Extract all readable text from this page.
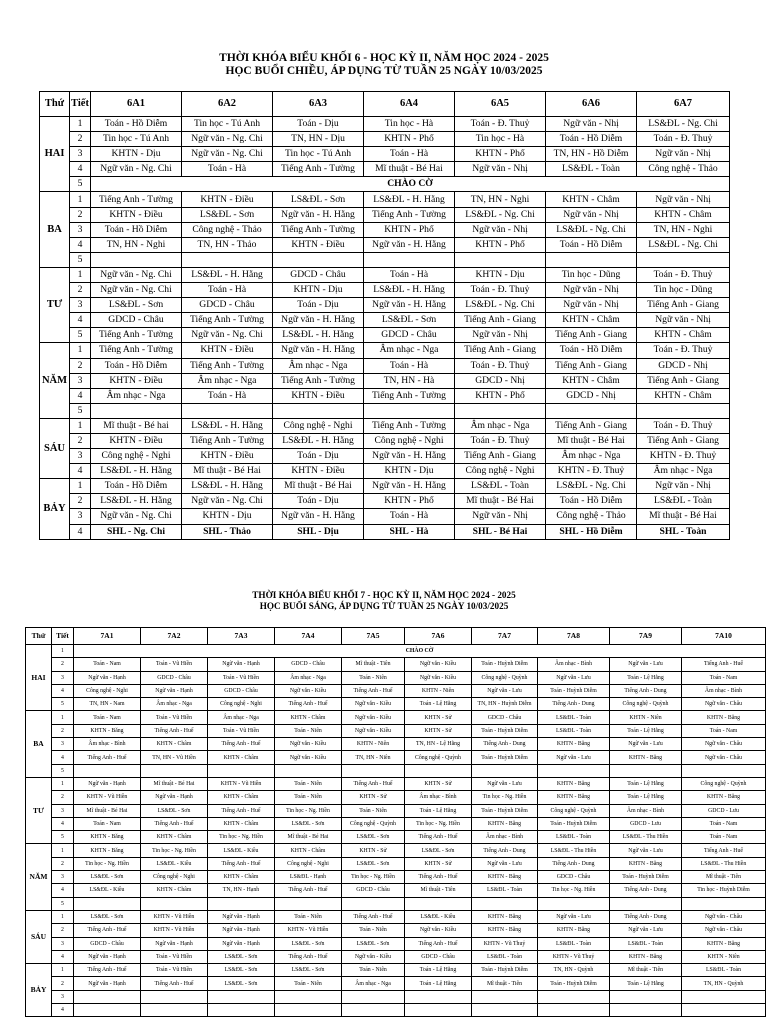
THỜI KHÓA BIỂU KHỐI 6 - HỌC KỲ II, NĂM HỌC 2024 - 2025
HỌC BUỔI CHIỀU, ÁP DỤNG TỪ TUẦN 25 NGÀY 10/03/2025
Thứ	Tiết	6A1	6A2	6A3	6A4	6A5	6A6	6A7
HAI	1	Toán - Hồ Diễm	Tin học - Tú Anh	Toán - Dịu	Tin học - Hà	Toán - Đ. Thuỷ	Ngữ văn - Nhị	LS&ĐL - Ng. Chi
	2	Tin học - Tú Anh	Ngữ văn - Ng. Chi	TN, HN - Dịu	KHTN - Phố	Tin học - Hà	Toán - Hồ Diễm	Toán - Đ. Thuỷ
	3	KHTN - Dịu	Ngữ văn - Ng. Chi	Tin học - Tú Anh	Toán - Hà	KHTN - Phố	TN, HN - Hồ Diễm	Ngữ văn - Nhị
	4	Ngữ văn - Ng. Chi	Toán - Hà	Tiếng Anh - Tường	Mĩ thuật - Bé Hai	Ngữ văn - Nhị	LS&ĐL - Toàn	Công nghệ - Thảo
	5	CHÀO CỜ						
BA	1	Tiếng Anh - Tường	KHTN - Điều	LS&ĐL - Sơn	LS&ĐL - H. Hằng	TN, HN - Nghi	KHTN - Châm	Ngữ văn - Nhị
	2	KHTN - Điều	LS&ĐL - Sơn	Ngữ văn - H. Hằng	Tiếng Anh - Tường	LS&ĐL - Ng. Chi	Ngữ văn - Nhị	KHTN - Châm
	3	Toán - Hồ Diễm	Công nghệ - Thảo	Tiếng Anh - Tường	KHTN - Phố	Ngữ văn - Nhị	LS&ĐL - Ng. Chi	TN, HN - Nghi
	4	TN, HN - Nghi	TN, HN - Thảo	KHTN - Điều	Ngữ văn - H. Hằng	KHTN - Phố	Toán - Hồ Diễm	LS&ĐL - Ng. Chi
	5							
TƯ	1	Ngữ văn - Ng. Chi	LS&ĐL - H. Hằng	GDCD - Châu	Toán - Hà	KHTN - Dịu	Tin học - Dũng	Toán - Đ. Thuỷ
	2	Ngữ văn - Ng. Chi	Toán - Hà	KHTN - Dịu	LS&ĐL - H. Hằng	Toán - Đ. Thuỷ	Ngữ văn - Nhị	Tin học - Dũng
	3	LS&ĐL - Sơn	GDCD - Châu	Toán - Dịu	Ngữ văn - H. Hằng	LS&ĐL - Ng. Chi	Ngữ văn - Nhị	Tiếng Anh - Giang
	4	GDCD - Châu	Tiếng Anh - Tường	Ngữ văn - H. Hằng	LS&ĐL - Sơn	Tiếng Anh - Giang	KHTN - Châm	Ngữ văn - Nhị
	5	Tiếng Anh - Tường	Ngữ văn - Ng. Chi	LS&ĐL - H. Hằng	GDCD - Châu	Ngữ văn - Nhị	Tiếng Anh - Giang	KHTN - Châm
NĂM	1	Tiếng Anh - Tường	KHTN - Điều	Ngữ văn - H. Hằng	Âm nhạc - Nga	Tiếng Anh - Giang	Toán - Hồ Diễm	Toán - Đ. Thuỷ
	2	Toán - Hồ Diễm	Tiếng Anh - Tường	Âm nhạc - Nga	Toán - Hà	Toán - Đ. Thuỷ	Tiếng Anh - Giang	GDCD - Nhị
	3	KHTN - Điều	Âm nhạc - Nga	Tiếng Anh - Tường	TN, HN - Hà	GDCD - Nhị	KHTN - Châm	Tiếng Anh - Giang
	4	Âm nhạc - Nga	Toán - Hà	KHTN - Điều	Tiếng Anh - Tường	KHTN - Phố	GDCD - Nhị	KHTN - Châm
	5							
SÁU	1	Mĩ thuật - Bé hai	LS&ĐL - H. Hằng	Công nghệ - Nghi	Tiếng Anh - Tường	Âm nhạc - Nga	Tiếng Anh - Giang	Toán - Đ. Thuỷ
	2	KHTN - Điều	Tiếng Anh - Tường	LS&ĐL - H. Hằng	Công nghệ - Nghi	Toán - Đ. Thuỷ	Mĩ thuật - Bé Hai	Tiếng Anh - Giang
	3	Công nghệ - Nghi	KHTN - Điều	Toán - Dịu	Ngữ văn - H. Hằng	Tiếng Anh - Giang	Âm nhạc - Nga	KHTN - Đ. Thuỷ
	4	LS&ĐL - H. Hằng	Mĩ thuật - Bé Hai	KHTN - Điều	KHTN - Dịu	Công nghệ - Nghi	KHTN - Đ. Thuỷ	Âm nhạc - Nga
BẢY	1	Toán - Hồ Diễm	LS&ĐL - H. Hằng	Mĩ thuật - Bé Hai	Ngữ văn - H. Hằng	LS&ĐL - Toàn	LS&ĐL - Ng. Chi	Ngữ văn - Nhị
	2	LS&ĐL - H. Hằng	Ngữ văn - Ng. Chi	Toán - Dịu	KHTN - Phố	Mĩ thuật - Bé Hai	Toán - Hồ Diễm	LS&ĐL - Toàn
	3	Ngữ văn - Ng. Chi	KHTN - Dịu	Ngữ văn - H. Hằng	Toán - Hà	Ngữ văn - Nhị	Công nghệ - Thảo	Mĩ thuật - Bé Hai
	4	SHL - Ng. Chi	SHL - Thảo	SHL - Dịu	SHL - Hà	SHL - Bé Hai	SHL - Hồ Diễm	SHL - Toàn
THỜI KHÓA BIỂU KHỐI 7 - HỌC KỲ II, NĂM HỌC 2024 - 2025
HỌC BUỔI SÁNG, ÁP DỤNG TỪ TUẦN 25 NGÀY 10/03/2025
Thứ	Tiết	7A1	7A2	7A3	7A4	7A5	7A6	7A7	7A8	7A9	7A10
HAI	1	CHÀO CỜ									
	2	Toán - Nam	Toán - Vũ Hiền	Ngữ văn - Hạnh	GDCD - Châu	Mĩ thuật - Tiên	Ngữ văn - Kiều	Toán - Huỳnh Diễm	Âm nhạc - Bình	Ngữ văn - Lưu	Tiếng Anh - Huế
	3	Ngữ văn - Hạnh	GDCD - Châu	Toán - Vũ Hiền	Âm nhạc - Nga	Toán - Niên	Ngữ văn - Kiều	Công nghệ - Quỳnh	Ngữ văn - Lưu	Toán - Lệ Hằng	Toán - Nam
	4	Công nghệ - Nghi	Ngữ văn - Hạnh	GDCD - Châu	Ngữ văn - Kiều	Tiếng Anh - Huế	KHTN - Niên	Ngữ văn - Lưu	Toán - Huỳnh Diễm	Tiếng Anh - Dung	Âm nhạc - Bình
	5	TN, HN - Nam	Âm nhạc - Nga	Công nghệ - Nghi	Tiếng Anh - Huế	Ngữ văn - Kiều	Toán - Lệ Hằng	TN, HN - Huỳnh Diễm	Tiếng Anh - Dung	Công nghệ - Quỳnh	Ngữ văn - Châu
BA	1	Toán - Nam	Toán - Vũ Hiền	Âm nhạc - Nga	KHTN - Châm	Ngữ văn - Kiều	KHTN - Sử	GDCD - Châu	LS&ĐL - Toàn	KHTN - Niên	KHTN - Băng
	2	KHTN - Băng	Tiếng Anh - Huế	Toán - Vũ Hiền	Toán - Niên	Ngữ văn - Kiều	KHTN - Sử	Toán - Huỳnh Diễm	LS&ĐL - Toàn	Toán - Lệ Hằng	Toán - Nam
	3	Âm nhạc - Bình	KHTN - Châm	Tiếng Anh - Huế	Ngữ văn - Kiều	KHTN - Niên	TN, HN - Lệ Hằng	Tiếng Anh - Dung	KHTN - Băng	Ngữ văn - Lưu	Ngữ văn - Châu
	4	Tiếng Anh - Huế	TN, HN - Vũ Hiền	KHTN - Châm	Ngữ văn - Kiều	TN, HN - Niên	Công nghệ - Quỳnh	Toán - Huỳnh Diễm	Ngữ văn - Lưu	KHTN - Băng	Ngữ văn - Châu
	5										
TƯ	1	Ngữ văn - Hạnh	Mĩ thuật - Bé Hai	KHTN - Vũ Hiền	Toán - Niên	Tiếng Anh - Huế	KHTN - Sử	Ngữ văn - Lưu	KHTN - Băng	Toán - Lệ Hằng	Công nghệ - Quỳnh
	2	KHTN - Vũ Hiền	Ngữ văn - Hạnh	KHTN - Châm	Toán - Niên	KHTN - Sử	Âm nhạc - Bình	Tin học - Ng. Hiền	KHTN - Băng	Toán - Lệ Hằng	KHTN - Băng
	3	Mĩ thuật - Bé Hai	LS&ĐL - Sơn	Tiếng Anh - Huế	Tin học - Ng. Hiền	Toán - Niên	Toán - Lệ Hằng	Toán - Huỳnh Diễm	Công nghệ - Quỳnh	Âm nhạc - Bình	GDCD - Lưu
	4	Toán - Nam	Tiếng Anh - Huế	KHTN - Châm	LS&ĐL - Sơn	Công nghệ - Quỳnh	Tin học - Ng. Hiền	KHTN - Băng	Toán - Huỳnh Diễm	GDCD - Lưu	Toán - Nam
	5	KHTN - Băng	KHTN - Châm	Tin học - Ng. Hiền	Mĩ thuật - Bé Hai	LS&ĐL - Sơn	Tiếng Anh - Huế	Âm nhạc - Bình	LS&ĐL - Toàn	LS&ĐL - Thu Hiền	Toán - Nam
NĂM	1	KHTN - Băng	Tin học - Ng. Hiền	LS&ĐL - Kiều	KHTN - Châm	KHTN - Sử	LS&ĐL - Sơn	Tiếng Anh - Dung	LS&ĐL - Thu Hiền	Ngữ văn - Lưu	Tiếng Anh - Huế
	2	Tin học - Ng. Hiền	LS&ĐL - Kiều	Tiếng Anh - Huế	Công nghệ - Nghi	LS&ĐL - Sơn	KHTN - Sử	Ngữ văn - Lưu	Tiếng Anh - Dung	KHTN - Băng	LS&ĐL - Thu Hiền
	3	LS&ĐL - Sơn	Công nghệ - Nghi	KHTN - Châm	LS&ĐL - Hạnh	Tin học - Ng. Hiền	Tiếng Anh - Huế	KHTN - Băng	GDCD - Châu	Toán - Huỳnh Diễm	Mĩ thuật - Tiên
	4	LS&ĐL - Kiều	KHTN - Châm	TN, HN - Hạnh	Tiếng Anh - Huế	GDCD - Châu	Mĩ thuật - Tiên	LS&ĐL - Toàn	Tin học - Ng. Hiền	Tiếng Anh - Dung	Tin học - Huỳnh Diễm
	5										
SÁU	1	LS&ĐL - Sơn	KHTN - Vũ Hiền	Ngữ văn - Hạnh	Toán - Niên	Tiếng Anh - Huế	LS&ĐL - Kiều	KHTN - Băng	Ngữ văn - Lưu	Tiếng Anh - Dung	Ngữ văn - Châu
	2	Tiếng Anh - Huế	KHTN - Vũ Hiền	Ngữ văn - Hạnh	KHTN - Vũ Hiền	Toán - Niên	Ngữ văn - Kiều	KHTN - Băng	KHTN - Băng	Ngữ văn - Lưu	Ngữ văn - Châu
	3	GDCD - Châu	Ngữ văn - Hạnh	Ngữ văn - Hạnh	LS&ĐL - Sơn	LS&ĐL - Sơn	Tiếng Anh - Huế	KHTN - Vũ Thuỷ	LS&ĐL - Toàn	LS&ĐL - Toàn	KHTN - Băng
	4	Ngữ văn - Hạnh	Toán - Vũ Hiền	LS&ĐL - Sơn	Tiếng Anh - Huế	Ngữ văn - Kiều	GDCD - Châu	LS&ĐL - Toàn	KHTN - Vũ Thuỷ	KHTN - Băng	KHTN - Niên
BẢY	1	Tiếng Anh - Huế	Toán - Vũ Hiền	LS&ĐL - Sơn	LS&ĐL - Sơn	Toán - Niên	Toán - Lệ Hằng	Toán - Huỳnh Diễm	TN, HN - Quỳnh	Mĩ thuật - Tiên	LS&ĐL - Toàn
	2	Ngữ văn - Hạnh	Tiếng Anh - Huế	LS&ĐL - Sơn	Toán - Niên	Âm nhạc - Nga	Toán - Lệ Hằng	Mĩ thuật - Tiên	Toán - Huỳnh Diễm	Toán - Lệ Hằng	TN, HN - Quỳnh
	3										
	4										
